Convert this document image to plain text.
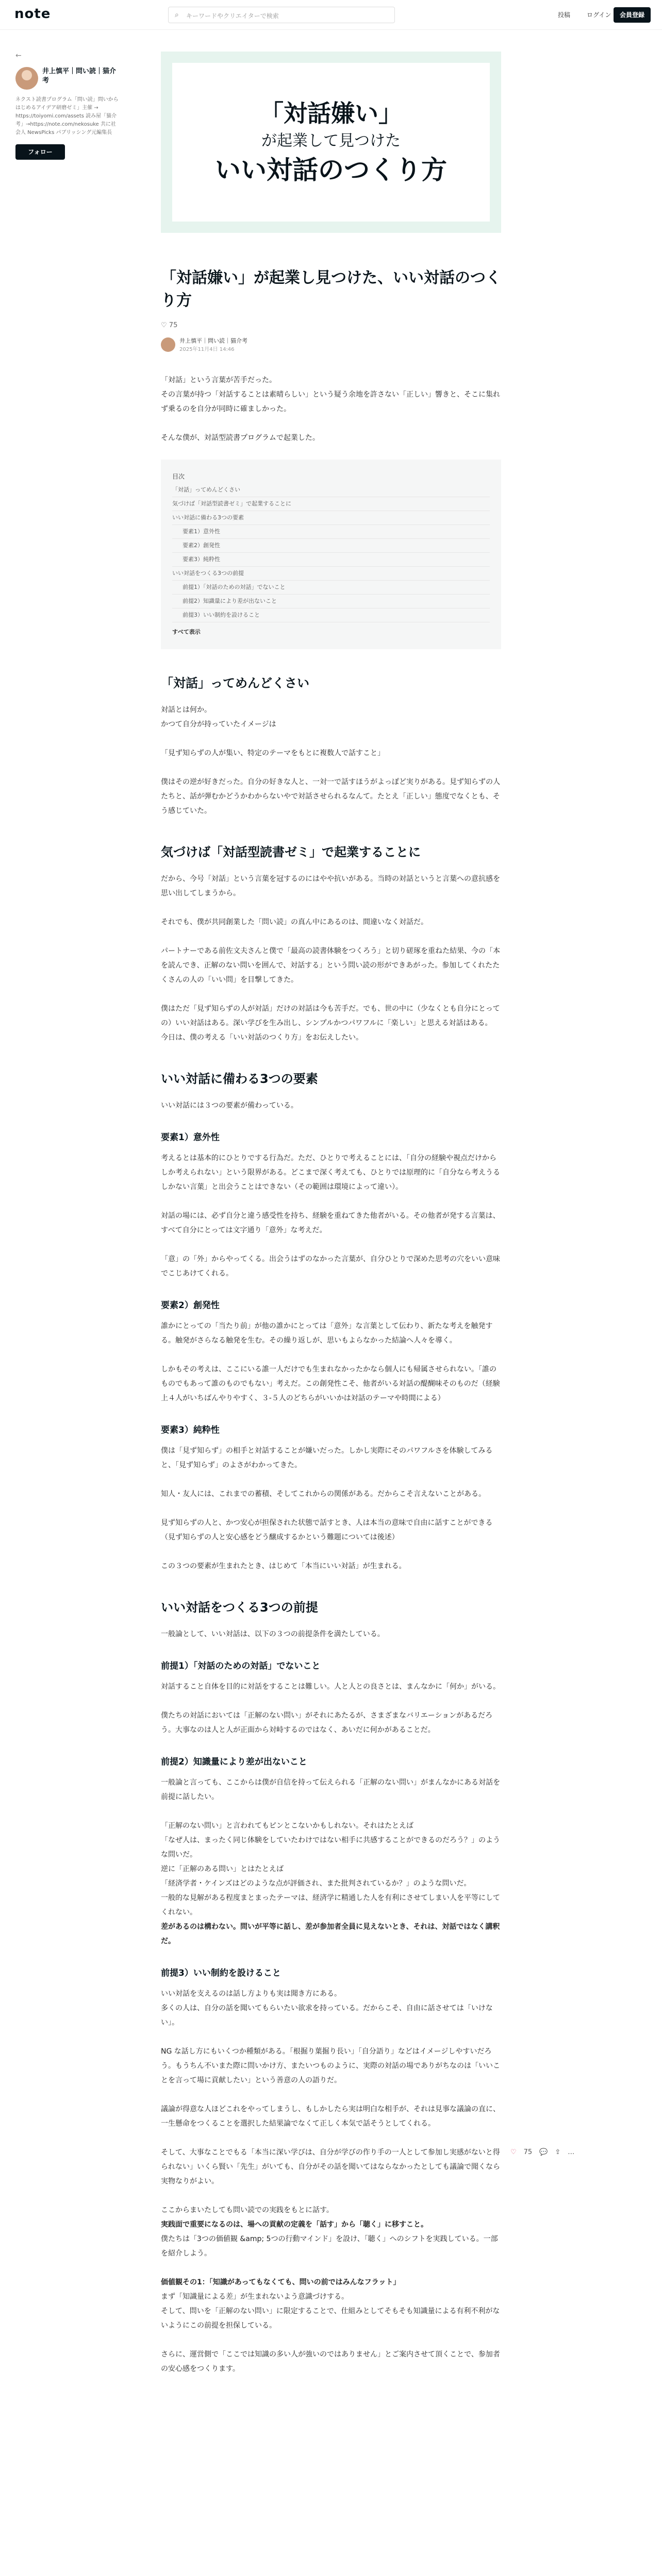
note	⌕ キーワードやクリエイターで検索	投稿	ログイン	会員登録
←
井上慎平｜問い読｜猫介考
ネクスト読書プログラム「問い読」問いからはじめるアイデア研磨ゼミ」主催 → https://toiyomi.com/assets 読み屋「猫介考」→https://note.com/nekosuke 共に社会人 NewsPicks パブリッシング元編集長
フォロー
「対話嫌い」
が起業して見つけた
いい対話のつくり方
「対話嫌い」が起業し見つけた、いい対話のつくり方
♡ 75
井上慎平｜問い読｜猫介考
2025年11月4日 14:46

「対話」という言葉が苦手だった。
その言葉が持つ「対話することは素晴らしい」という疑う余地を許さない「正しい」響きと、そこに集れず乗るのを自分が同時に確ましかった。

そんな僕が、対話型読書プログラムで起業した。

目次
「対話」ってめんどくさい
気づけば「対話型読書ゼミ」で起業することに
いい対話に備わる3つの要素
要素1）意外性
要素2）創発性
要素3）純粋性
いい対話をつくる3つの前提
前提1）「対話のための対話」でないこと
前提2）知識量により差が出ないこと
前提3）いい制約を設けること
すべて表示
「対話」ってめんどくさい

対話とは何か。
かつて自分が持っていたイメージは

「見ず知らずの人が集い、特定のテーマをもとに複数人で話すこと」

僕はその逆が好きだった。自分の好きな人と、一対一で話すほうがよっぽど実りがある。見ず知らずの人たちと、話が弾むかどうかわからないやで対話させられるなんて。たとえ「正しい」態度でなくとも、そう感じていた。

気づけば「対話型読書ゼミ」で起業することに

だから、今号「対話」という言葉を冠するのにはやや抗いがある。当時の対話というと言葉への意抗感を思い出してしまうから。

それでも、僕が共同創業した「問い読」の真ん中にあるのは、間違いなく対話だ。

パートナーである前佐文夫さんと僕で「最高の読書体験をつくろう」と切り磋琢を重ねた結果、今の「本を読んでき、正解のない問いを囲んで、対話する」という問い読の形ができあがった。参加してくれたたくさんの人の「いい問」を目撃してきた。

僕はただ「見ず知らずの人が対話」だけの対話は今も苦手だ。でも、世の中に（少なくとも自分にとっての）いい対話はある。深い学びを生み出し、シンプルかつパワフルに「楽しい」と思える対話はある。
今日は、僕の考える「いい対話のつくり方」をお伝えしたい。

いい対話に備わる3つの要素

いい対話には３つの要素が備わっている。

要素1）意外性

考えるとは基本的にひとりでする行為だ。ただ、ひとりで考えることには、「自分の経験や視点だけからしか考えられない」という限界がある。どこまで深く考えても、ひとりでは原理的に「自分なら考えうるしかない言葉」と出会うことはできない（その範囲は環境によって違い）。

対話の場には、必ず自分と違う感受性を持ち、経験を重ねてきた他者がいる。その他者が発する言葉は、すべて自分にとっては文字通り「意外」な考えだ。

「意」の「外」からやってくる。出会うはずのなかった言葉が、自分ひとりで深めた思考の穴をいい意味でこじあけてくれる。

要素2）創発性

誰かにとっての「当たり前」が他の誰かにとっては「意外」な言葉として伝わり、新たな考えを触発する。触発がさらなる触発を生む。その繰り返しが、思いもよらなかった結論へ人々を導く。

しかもその考えは、ここにいる誰一人だけでも生まれなかったかなら個人にも帰属させられない。「誰のものでもあって誰のものでもない」考えだ。この創発性こそ、他者がいる対話の醍醐味そのものだ（経験上４人がいちばんやりやすく、３-５人のどちらがいいかは対話のテーマや時間による）

要素3）純粋性

僕は「見ず知らず」の相手と対話することが嫌いだった。しかし実際にそのパワフルさを体験してみると、「見ず知らず」のよさがわかってきた。

知人・友人には、これまでの蓄積、そしてこれからの関係がある。だからこそ言えないことがある。

見ず知らずの人と、かつ安心が担保された状態で話すとき、人は本当の意味で自由に話すことができる（見ず知らずの人と安心感をどう醸成するかという難題については後述）

この３つの要素が生まれたとき、はじめて「本当にいい対話」が生まれる。

いい対話をつくる3つの前提

一般論として、いい対話は、以下の３つの前提条件を満たしている。

前提1）「対話のための対話」でないこと

対話すること自体を目的に対話をすることは難しい。人と人との良さとは、まんなかに「何か」がいる。

僕たちの対話においては「正解のない問い」がそれにあたるが、さまざまなバリエーションがあるだろう。大事なのは人と人が正面から対峙するのではなく、あいだに何かがあることだ。

前提2）知識量により差が出ないこと

一般論と言っても、ここからは僕が自信を持って伝えられる「正解のない問い」がまんなかにある対話を前提に話したい。

「正解のない問い」と言われてもピンとこないかもしれない。それはたとえば
「なぜ人は、まったく同じ体験をしていたわけではない相手に共感することができるのだろう？」のような問いだ。
逆に「正解のある問い」とはたとえば
「経済学者・ケインズはどのような点が評価され、また批判されているか？」のような問いだ。
一般的な見解がある程度まとまったテーマは、経済学に精通した人を有利にさせてしまい人を平等にしてくれない。
差があるのは構わない。問いが平等に話し、差が参加者全員に見えないとき、それは、対話ではなく講釈だ。

前提3）いい制約を設けること

いい対話を支えるのは話し方よりも実は聞き方にある。
多くの人は、自分の話を聞いてもらいたい欲求を持っている。だからこそ、自由に話させては「いけない」。

NG な話し方にもいくつか種類がある。「根掘り葉掘り長い」「自分語り」などはイメージしやすいだろう。もうちん不いまた際に問いかけ方、またいつものように、実際の対話の場でありがちなのは「いいことを言って場に貢献したい」という善意の人の語りだ。

議論が得意な人ほどこれをやってしまうし、もしかしたら実は明白な相手が、それは見事な議論の直に、一生懸命をつくることを選択した結果論でなくて正しく本気で話そうとしてくれる。

そして、大事なことでもる「本当に深い学びは、自分が学びの作り手の一人として参加し実感がないと得られない」いくら賢い「先生」がいても、自分がその話を聞いてはならなかったとしても議論で聞くなら実物なりがよい。

ここからまいたしても問い読での実践をもとに話す。
実践面で重要になるのは、場への貢献の定義を「話す」から「聴く」に移すこと。
僕たちは「3つの価値観 &amp; 5つの行動マインド」を設け、「聴く」へのシフトを実践している。一部を紹介しよう。

価値観その1：「知識があってもなくても、問いの前ではみんなフラット」
まず「知識量による差」が生まれないよう意識づけする。
そして、問いを「正解のない問い」に限定することで、仕組みとしてそもそも知識量による有利不利がないようにこの前提を担保している。

さらに、運営側で「ここでは知識の多い人が強いのではありません」とご案内させて頂くことで、参加者の安心感をつくります。

♡ 75 💬 ⇪ …
